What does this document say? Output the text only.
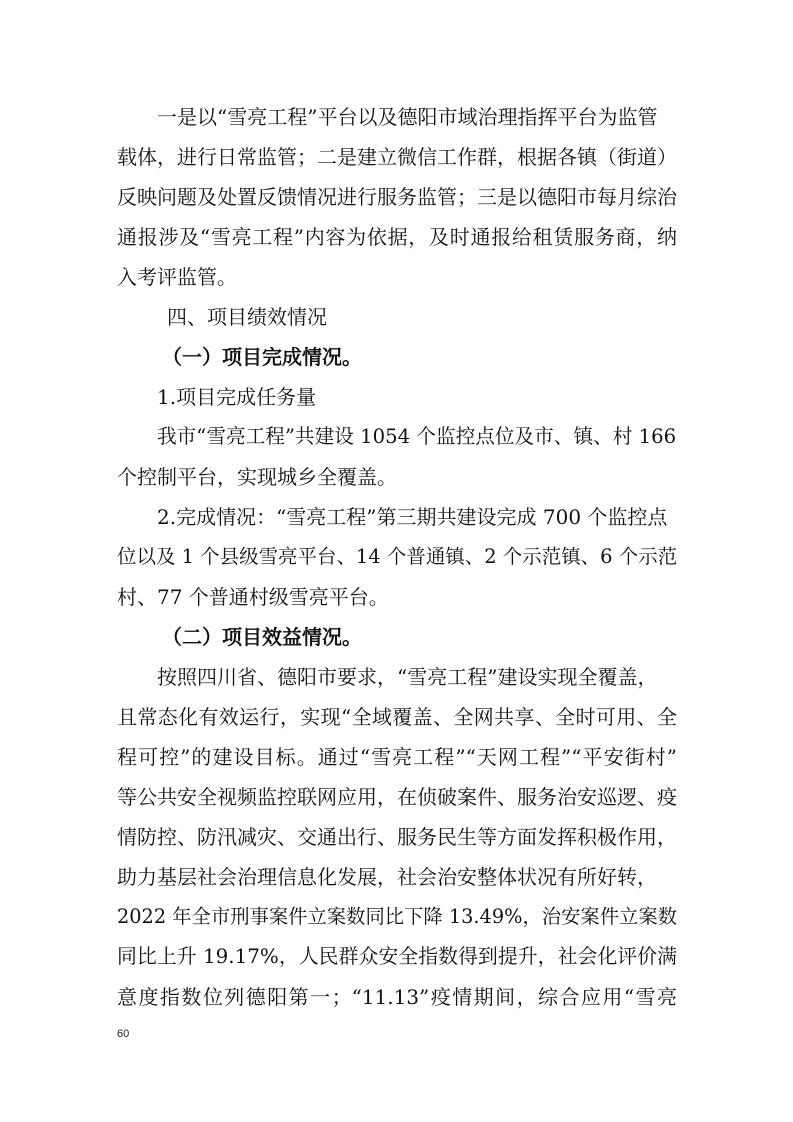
一是以“雪亮工程”平台以及德阳市域治理指挥平台为监管
载体，进行日常监管；二是建立微信工作群，根据各镇（街道）
反映问题及处置反馈情况进行服务监管；三是以德阳市每月综治
通报涉及“雪亮工程”内容为依据，及时通报给租赁服务商，纳
入考评监管。
四、项目绩效情况
（一）项目完成情况。
1.项目完成任务量
我市“雪亮工程”共建设 1054 个监控点位及市、镇、村 166
个控制平台，实现城乡全覆盖。
2.完成情况：“雪亮工程”第三期共建设完成 700 个监控点
位以及 1 个县级雪亮平台、14 个普通镇、2 个示范镇、6 个示范
村、77 个普通村级雪亮平台。
（二）项目效益情况。
按照四川省、德阳市要求，“雪亮工程”建设实现全覆盖，
且常态化有效运行，实现“全域覆盖、全网共享、全时可用、全
程可控”的建设目标。通过“雪亮工程”“天网工程”“平安街村”
等公共安全视频监控联网应用，在侦破案件、服务治安巡逻、疫
情防控、防汛减灾、交通出行、服务民生等方面发挥积极作用，
助力基层社会治理信息化发展，社会治安整体状况有所好转，
2022 年全市刑事案件立案数同比下降 13.49%，治安案件立案数
同比上升 19.17%，人民群众安全指数得到提升，社会化评价满
意度指数位列德阳第一；“11.13”疫情期间，综合应用“雪亮
60
